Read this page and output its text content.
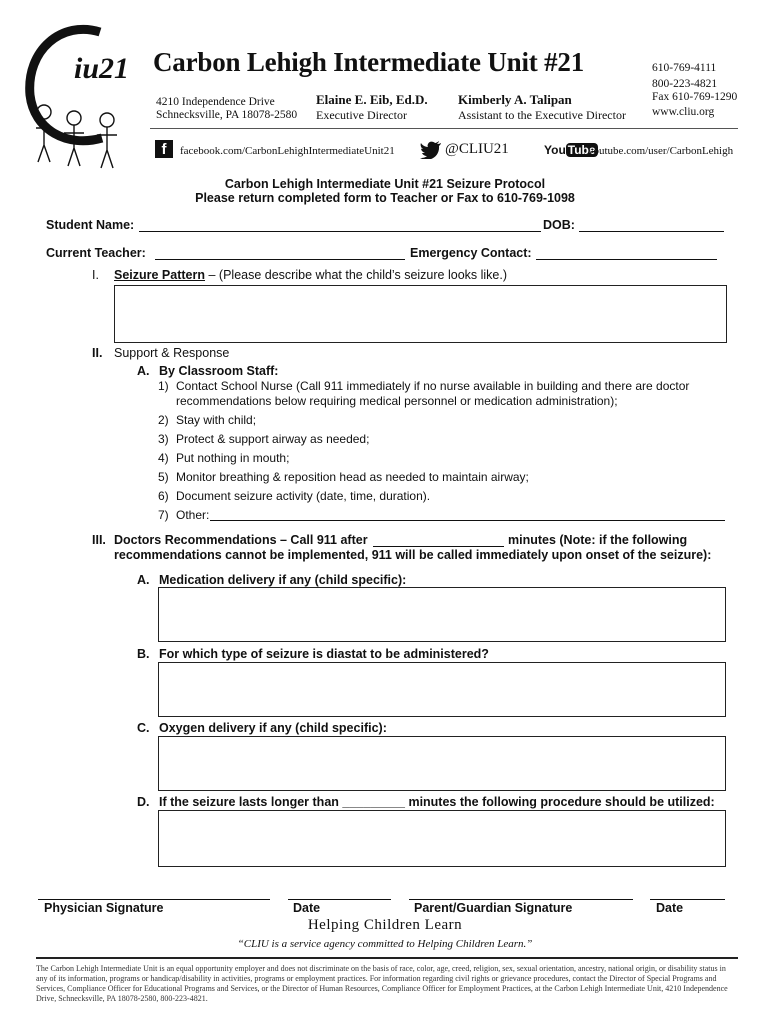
iu21 Carbon Lehigh Intermediate Unit #21
4210 Independence Drive
Schnecksville, PA 18078-2580
Elaine E. Eib, Ed.D.
Executive Director
Kimberly A. Talipan
Assistant to the Executive Director
610-769-4111
800-223-4821
Fax 610-769-1290
www.cliu.org
f	facebook.com/CarbonLehighIntermediateUnit21	@CLIU21	You Tube
youtube.com/user/CarbonLehigh
Carbon Lehigh Intermediate Unit #21 Seizure Protocol
Please return completed form to Teacher or Fax to 610-769-1098
Student Name:	DOB:
Current Teacher:	Emergency Contact:
I. Seizure Pattern – (Please describe what the child’s seizure looks like.)
II. Support & Response
A. By Classroom Staff:
1) Contact School Nurse (Call 911 immediately if no nurse available in building and there are doctor
recommendations below requiring medical personnel or medication administration);
2) Stay with child;
3) Protect & support airway as needed;
4) Put nothing in mouth;
5) Monitor breathing & reposition head as needed to maintain airway;
6) Document seizure activity (date, time, duration).
7) Other:
III. Doctors Recommendations – Call 911 after	minutes (Note: if the following
recommendations cannot be implemented, 911 will be called immediately upon onset of the seizure):
A. Medication delivery if any (child specific):
B. For which type of seizure is diastat to be administered?
C. Oxygen delivery if any (child specific):
D. If the seizure lasts longer than _________ minutes the following procedure should be utilized:
Physician Signature	Date	Parent/Guardian Signature	Date
Helping Children Learn
“CLIU is a service agency committed to Helping Children Learn.”
The Carbon Lehigh Intermediate Unit is an equal opportunity employer and does not discriminate on the basis of race, color, age, creed, religion, sex, sexual orientation, ancestry, national origin, or disability status in any of its information, programs or handicap/disability in activities, programs or employment practices. For information regarding civil rights or grievance procedures, contact the Director of Special Programs and Services, Compliance Officer for Educational Programs and Services, or the Director of Human Resources, Compliance Officer for Employment Practices, at the Carbon Lehigh Intermediate Unit, 4210 Independence Drive, Schnecksville, PA 18078-2580, 800-223-4821.
